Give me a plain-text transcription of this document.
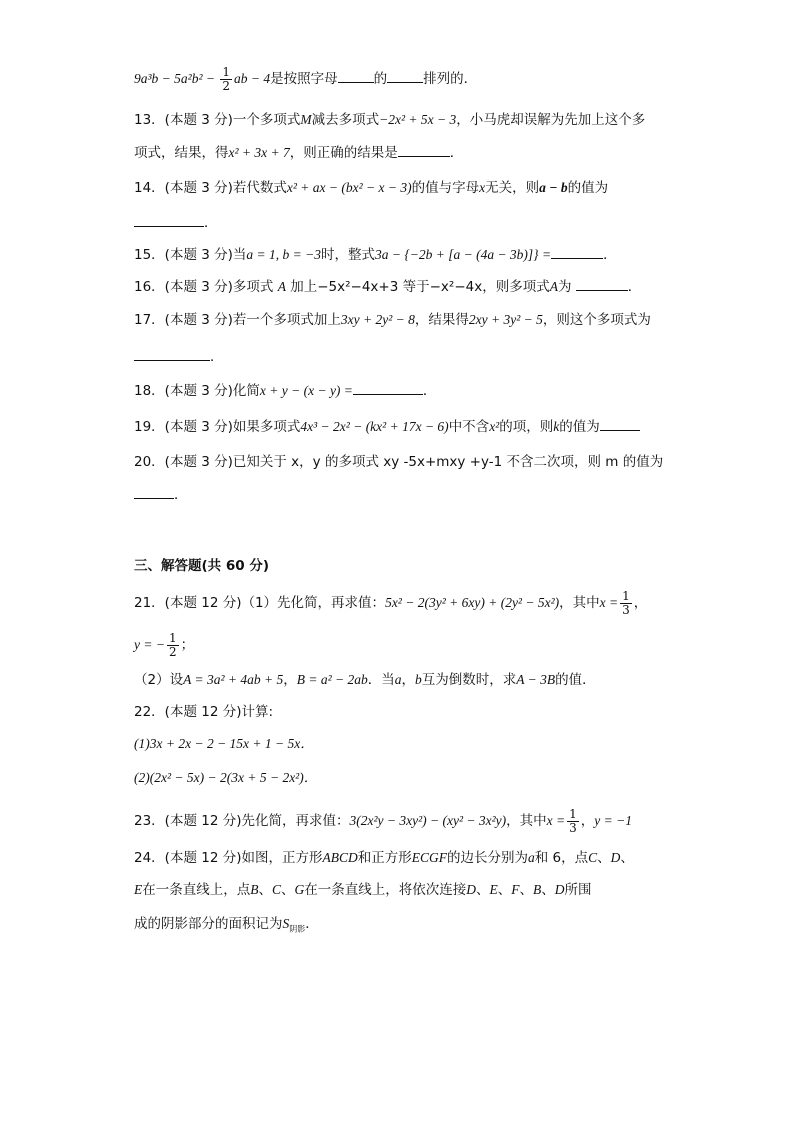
$9a^3b - 5a^2b^2 - \frac{1}{2}$ ab − 4是按照字母	的	排列的．
13．(本题 3 分)一个多项式M减去多项式−2x² + 5x − 3，小马虎却误解为先加上这个多
项式，结果，得x² + 3x + 7，则正确的结果是	．
14．(本题 3 分)若代数式x² + ax − (bx² − x − 3)的值与字母x无关，则a − b的值为
．
15．(本题 3 分)当a = 1, b = −3时，整式3a − {−2b + [a − (4a − 3b)]} =	．
16．(本题 3 分)多项式 A 加上−5x²−4x+3 等于−x²−4x，则多项式A为	．
17．(本题 3 分)若一个多项式加上3xy + 2y² − 8，结果得2xy + 3y² − 5，则这个多项式为
．
18．(本题 3 分)化简x + y − (x − y) =	．
19．(本题 3 分)如果多项式4x³ − 2x² − (kx² + 17x − 6)中不含x²的项，则k的值为
20．(本题 3 分)已知关于 x，y 的多项式 xy -5x+mxy +y-1 不含二次项，则 m 的值为
．
三、解答题(共 60 分)
21．(本题 12 分)（1）先化简，再求值：5x² − 2(3y² + 6xy) + (2y² − 5x²)，其中$x = \frac{1}{3}$ ，
y = − $\frac{1}{2}$ ；
（2）设A = 3a² + 4ab + 5，B = a² − 2ab．当a，b互为倒数时，求A − 3B的值．
22．(本题 12 分)计算:
(1)3x + 2x − 2 − 15x + 1 − 5x．
(2)(2x² − 5x) − 2(3x + 5 − 2x²)．
23．(本题 12 分)先化简，再求值：3(2x²y − 3xy²) − (xy² − 3x²y)，其中$x = \frac{1}{3}$ ，y = −1
24．(本题 12 分)如图，正方形ABCD和正方形ECGF的边长分别为a和 6，点C、D、
E在一条直线上，点B、C、G在一条直线上，将依次连接D、E、F、B、D所围
成的阴影部分的面积记为$S_{阴影}$．
